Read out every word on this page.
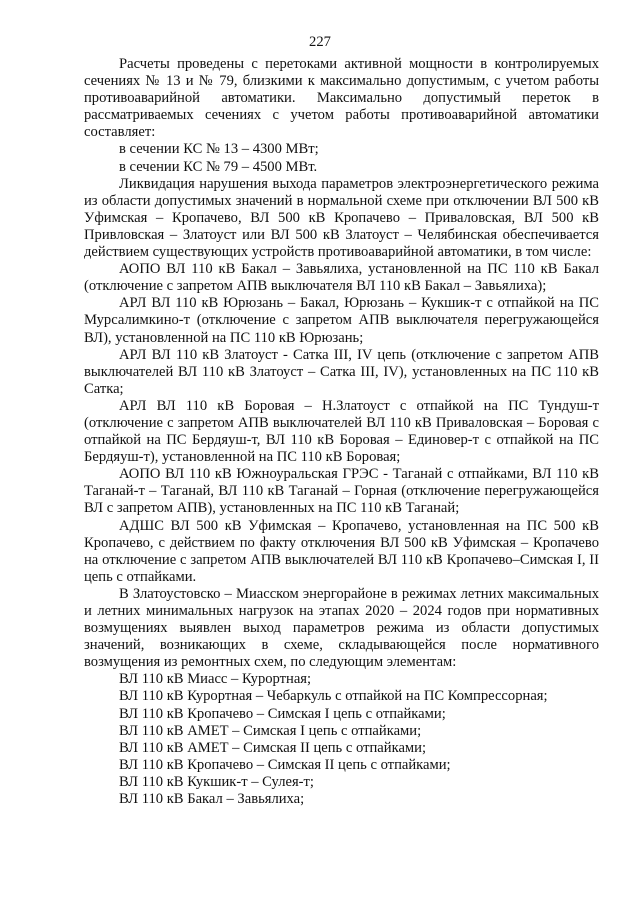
227

Расчеты проведены с перетоками активной мощности в контролируемых сечениях № 13 и № 79, близкими к максимально допустимым, с учетом работы противоаварийной автоматики. Максимально допустимый переток в рассматриваемых сечениях с учетом работы противоаварийной автоматики составляет:

в сечении КС № 13 – 4300 МВт;

в сечении КС № 79 – 4500 МВт.

Ликвидация нарушения выхода параметров электроэнергетического режима из области допустимых значений в нормальной схеме при отключении ВЛ 500 кВ Уфимская – Кропачево, ВЛ 500 кВ Кропачево – Приваловская, ВЛ 500 кВ Привловская – Златоуст или ВЛ 500 кВ Златоуст – Челябинская обеспечивается действием существующих устройств противоаварийной автоматики, в том числе:

АОПО ВЛ 110 кВ Бакал – Завьялиха, установленной на ПС 110 кВ Бакал (отключение с запретом АПВ выключателя ВЛ 110 кВ Бакал – Завьялиха);

АРЛ ВЛ 110 кВ Юрюзань – Бакал, Юрюзань – Кукшик-т с отпайкой на ПС Мурсалимкино-т (отключение с запретом АПВ выключателя перегружающейся ВЛ), установленной на ПС 110 кВ Юрюзань;

АРЛ ВЛ 110 кВ Златоуст - Сатка III, IV цепь (отключение с запретом АПВ выключателей ВЛ 110 кВ Златоуст – Сатка III, IV), установленных на ПС 110 кВ Сатка;

АРЛ ВЛ 110 кВ Боровая – Н.Златоуст с отпайкой на ПС Тундуш-т (отключение с запретом АПВ выключателей ВЛ 110 кВ Приваловская – Боровая с отпайкой на ПС Бердяуш-т, ВЛ 110 кВ Боровая – Единовер-т с отпайкой на ПС Бердяуш-т), установленной на ПС 110 кВ Боровая;

АОПО ВЛ 110 кВ Южноуральская ГРЭС - Таганай с отпайками, ВЛ 110 кВ Таганай-т – Таганай, ВЛ 110 кВ Таганай – Горная (отключение перегружающейся ВЛ с запретом АПВ), установленных на ПС 110 кВ Таганай;

АДШС ВЛ 500 кВ Уфимская – Кропачево, установленная на ПС 500 кВ Кропачево, с действием по факту отключения ВЛ 500 кВ Уфимская – Кропачево на отключение с запретом АПВ выключателей ВЛ 110 кВ Кропачево–Симская I, II цепь с отпайками.

В Златоустовско – Миасском энергорайоне в режимах летних максимальных и летних минимальных нагрузок на этапах 2020 – 2024 годов при нормативных возмущениях выявлен выход параметров режима из области допустимых значений, возникающих в схеме, складывающейся после нормативного возмущения из ремонтных схем, по следующим элементам:

ВЛ 110 кВ Миасс – Курортная;

ВЛ 110 кВ Курортная – Чебаркуль с отпайкой на ПС Компрессорная;

ВЛ 110 кВ Кропачево – Симская I цепь с отпайками;

ВЛ 110 кВ АМЕТ – Симская I цепь с отпайками;

ВЛ 110 кВ АМЕТ – Симская II цепь с отпайками;

ВЛ 110 кВ Кропачево – Симская II цепь с отпайками;

ВЛ 110 кВ Кукшик-т – Сулея-т;

ВЛ 110 кВ Бакал – Завьялиха;
